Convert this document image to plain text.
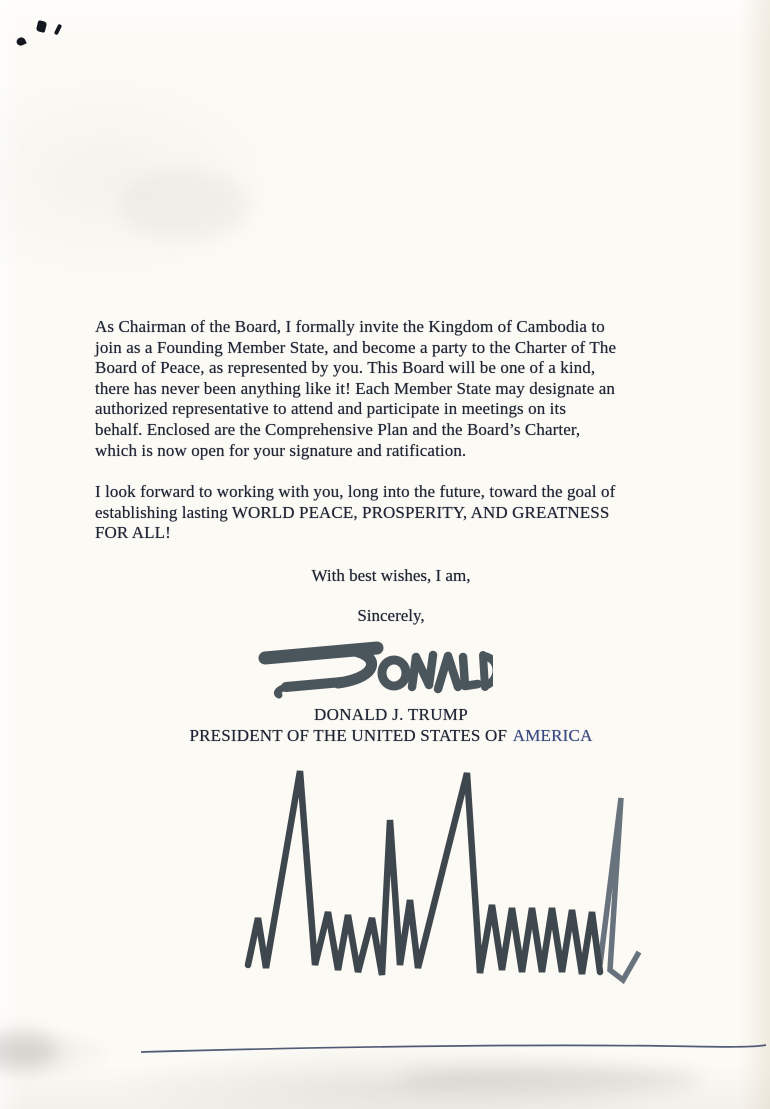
As Chairman of the Board, I formally invite the Kingdom of Cambodia to
join as a Founding Member State, and become a party to the Charter of The
Board of Peace, as represented by you. This Board will be one of a kind,
there has never been anything like it! Each Member State may designate an
authorized representative to attend and participate in meetings on its
behalf. Enclosed are the Comprehensive Plan and the Board’s Charter,
which is now open for your signature and ratification.

I look forward to working with you, long into the future, toward the goal of
establishing lasting WORLD PEACE, PROSPERITY, AND GREATNESS
FOR ALL!

With best wishes, I am,
Sincerely,
DONALD J. TRUMP
PRESIDENT OF THE UNITED STATES OF AMERICA
